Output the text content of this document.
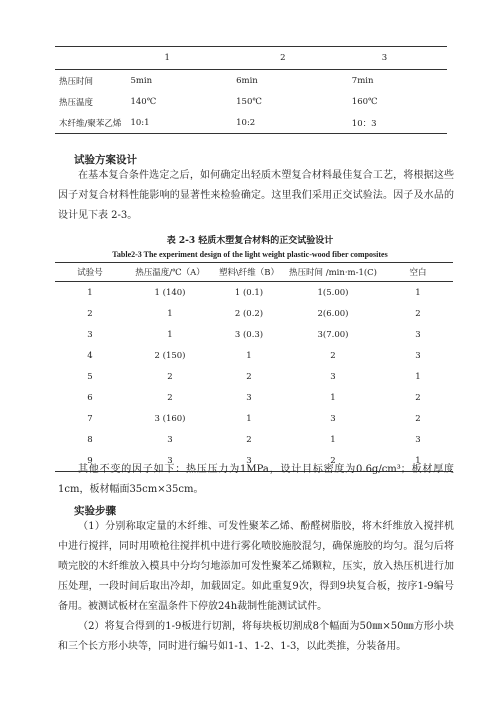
	1	2	3
热压时间	5min	6min	7min
热压温度	140℃	150℃	160℃
木纤维/聚苯乙烯	10:1	10:2	10：3
试验方案设计
在基本复合条件选定之后，如何确定出轻质木塑复合材料最佳复合工艺，将根据这些因子对复合材料性能影响的显著性来检验确定。这里我们采用正交试验法。因子及水品的设计见下表 2-3。
表 2-3 轻质木塑复合材料的正交试验设计
Table2-3 The experiment design of the light weight plastic-wood fiber composites
试验号	热压温度/℃（A）	塑料\纤维（B）	热压时间 /min·m-1(C)	空白
1	1 (140)	1 (0.1)	1(5.00)	1
2	1	2 (0.2)	2(6.00)	2
3	1	3 (0.3)	3(7.00)	3
4	2 (150)	1	2	3
5	2	2	3	1
6	2	3	1	2
7	3 (160)	1	3	2
8	3	2	1	3
9	3	3	2	1
其他不变的因子如下：热压压力为1MPa，设计目标密度为0.6g/cm³；板材厚度1cm，板材幅面35cm×35cm。
实验步骤
（1）分别称取定量的木纤维、可发性聚苯乙烯、酚醛树脂胶，将木纤维放入搅拌机中进行搅拌，同时用喷枪往搅拌机中进行雾化喷胶施胶混匀，确保施胶的均匀。混匀后将喷完胶的木纤维放入模具中分均匀地添加可发性聚苯乙烯颗粒，压实，放入热压机进行加压处理，一段时间后取出冷却，加载固定。如此重复9次，得到9块复合板，按序1-9编号备用。被测试板材在室温条件下停放24h裁制性能测试试件。
（2）将复合得到的1-9板进行切割，将每块板切割成8个幅面为50㎜×50㎜方形小块和三个长方形小块等，同时进行编号如1-1、1-2、1-3，以此类推，分装备用。
